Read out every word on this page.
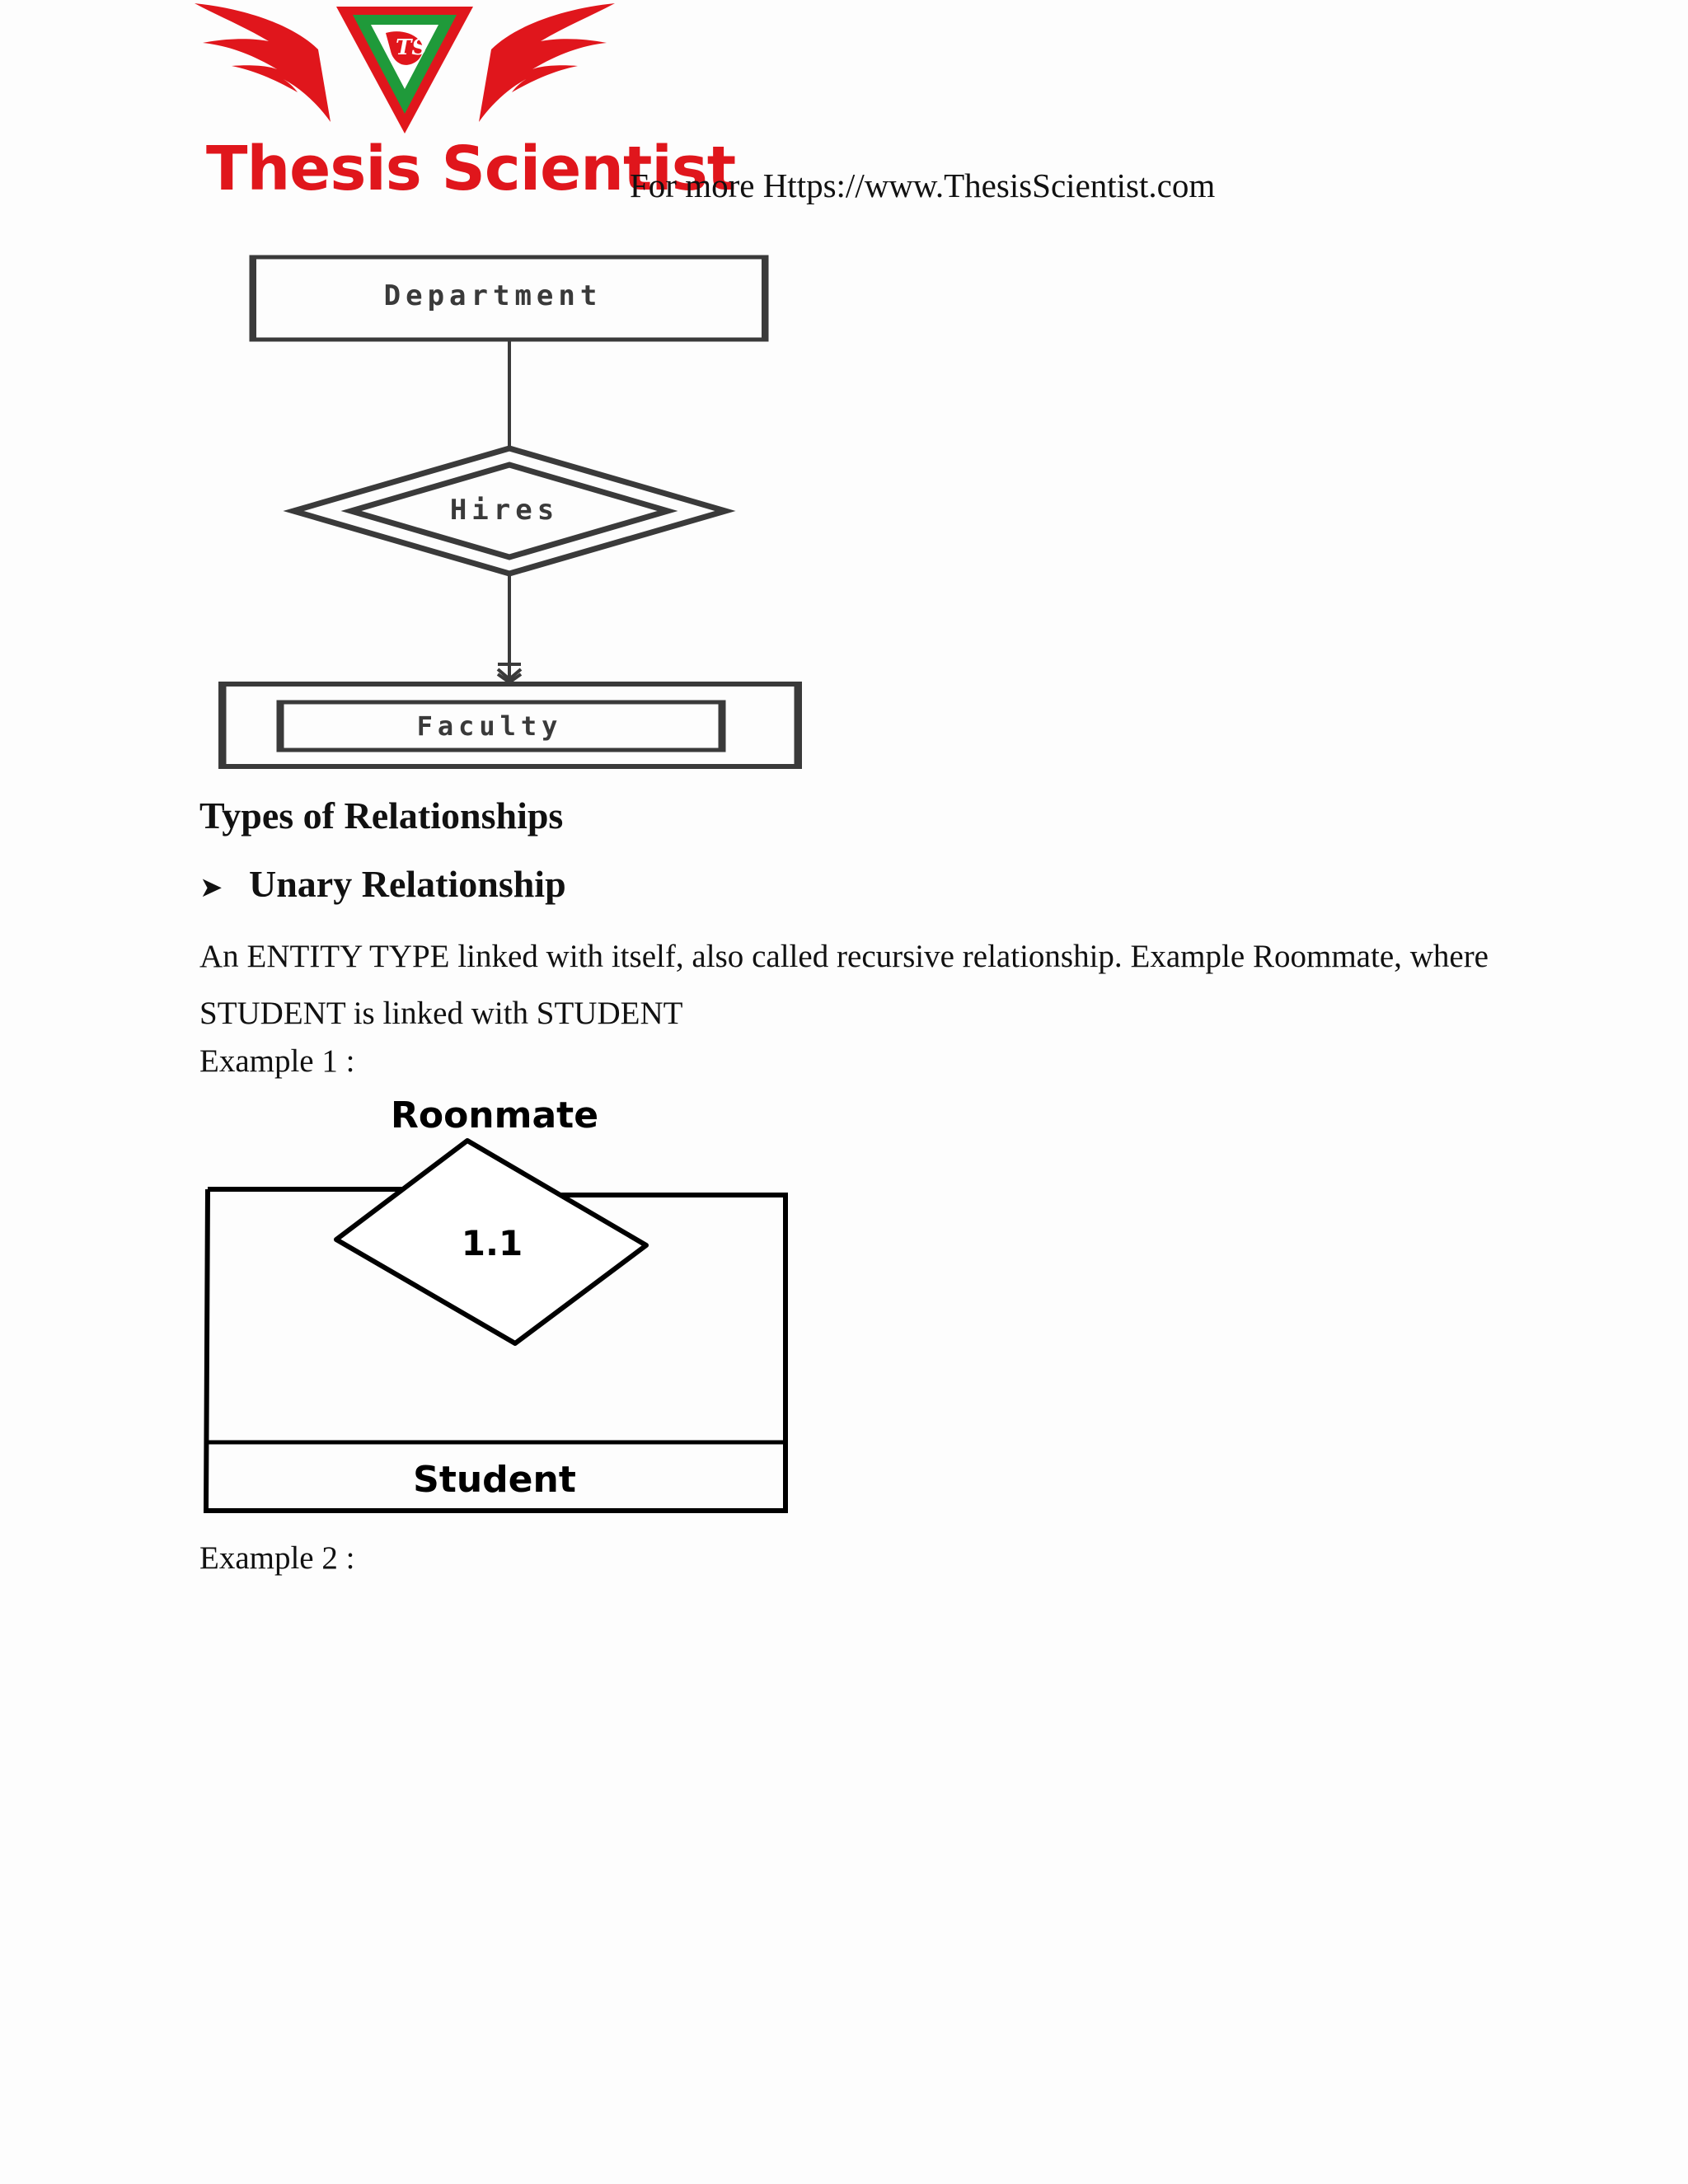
TS
Thesis Scientist
For more Https://www.ThesisScientist.com
Department
Hires
Faculty
Types of Relationships
➤ Unary Relationship
An ENTITY TYPE linked with itself, also called recursive relationship. Example Roommate, where STUDENT is linked with STUDENT
Example 1 :
Roonmate
Student
1.1
Example 2 :
